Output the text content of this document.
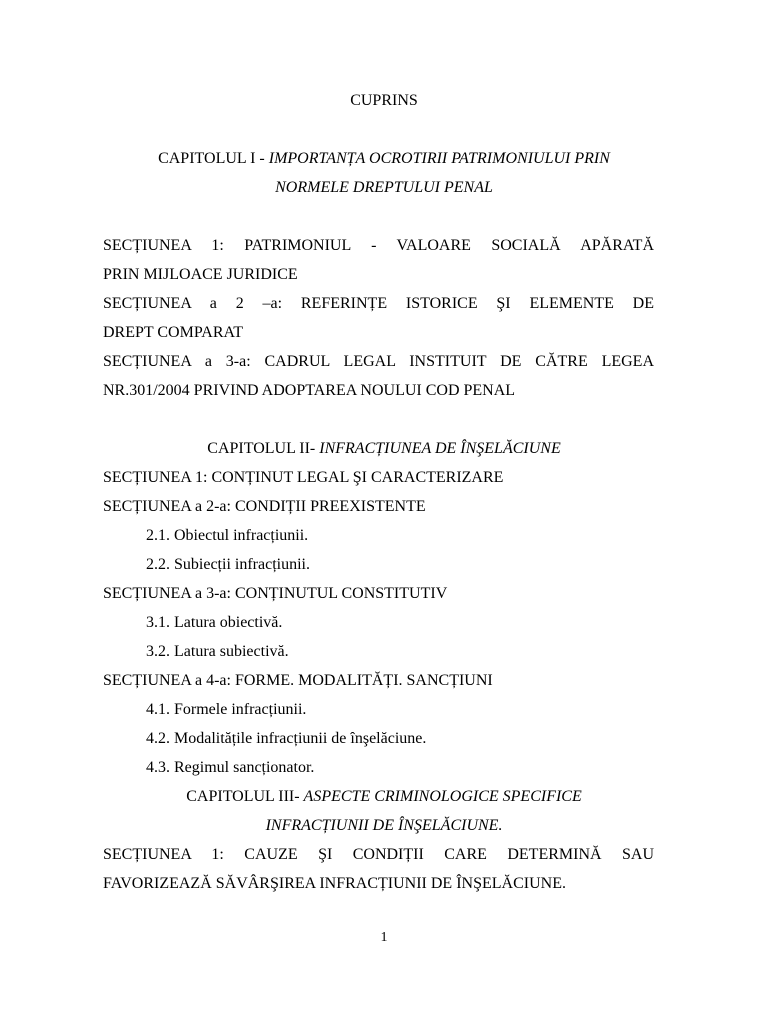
CUPRINS
CAPITOLUL I - IMPORTANȚA OCROTIRII PATRIMONIULUI PRIN
NORMELE DREPTULUI PENAL
SECȚIUNEA 1: PATRIMONIUL - VALOARE SOCIALĂ APĂRATĂ
PRIN MIJLOACE JURIDICE
SECȚIUNEA a 2 –a: REFERINȚE ISTORICE ŞI ELEMENTE DE
DREPT COMPARAT
SECȚIUNEA a 3-a: CADRUL LEGAL INSTITUIT DE CĂTRE LEGEA
NR.301/2004 PRIVIND ADOPTAREA NOULUI COD PENAL
CAPITOLUL II- INFRACȚIUNEA DE ÎNŞELĂCIUNE
SECȚIUNEA 1: CONȚINUT LEGAL ŞI CARACTERIZARE
SECȚIUNEA a 2-a: CONDIȚII PREEXISTENTE
2.1. Obiectul infracțiunii.
2.2. Subiecții infracțiunii.
SECȚIUNEA a 3-a: CONȚINUTUL CONSTITUTIV
3.1. Latura obiectivă.
3.2. Latura subiectivă.
SECȚIUNEA a 4-a: FORME. MODALITĂȚI. SANCȚIUNI
4.1. Formele infracțiunii.
4.2. Modalitățile infracțiunii de înşelăciune.
4.3. Regimul sancționator.
CAPITOLUL III- ASPECTE CRIMINOLOGICE SPECIFICE
INFRACȚIUNII DE ÎNŞELĂCIUNE.
SECȚIUNEA 1: CAUZE ŞI CONDIȚII CARE DETERMINĂ SAU
FAVORIZEAZĂ SĂVÂRŞIREA INFRACȚIUNII DE ÎNŞELĂCIUNE.
1
